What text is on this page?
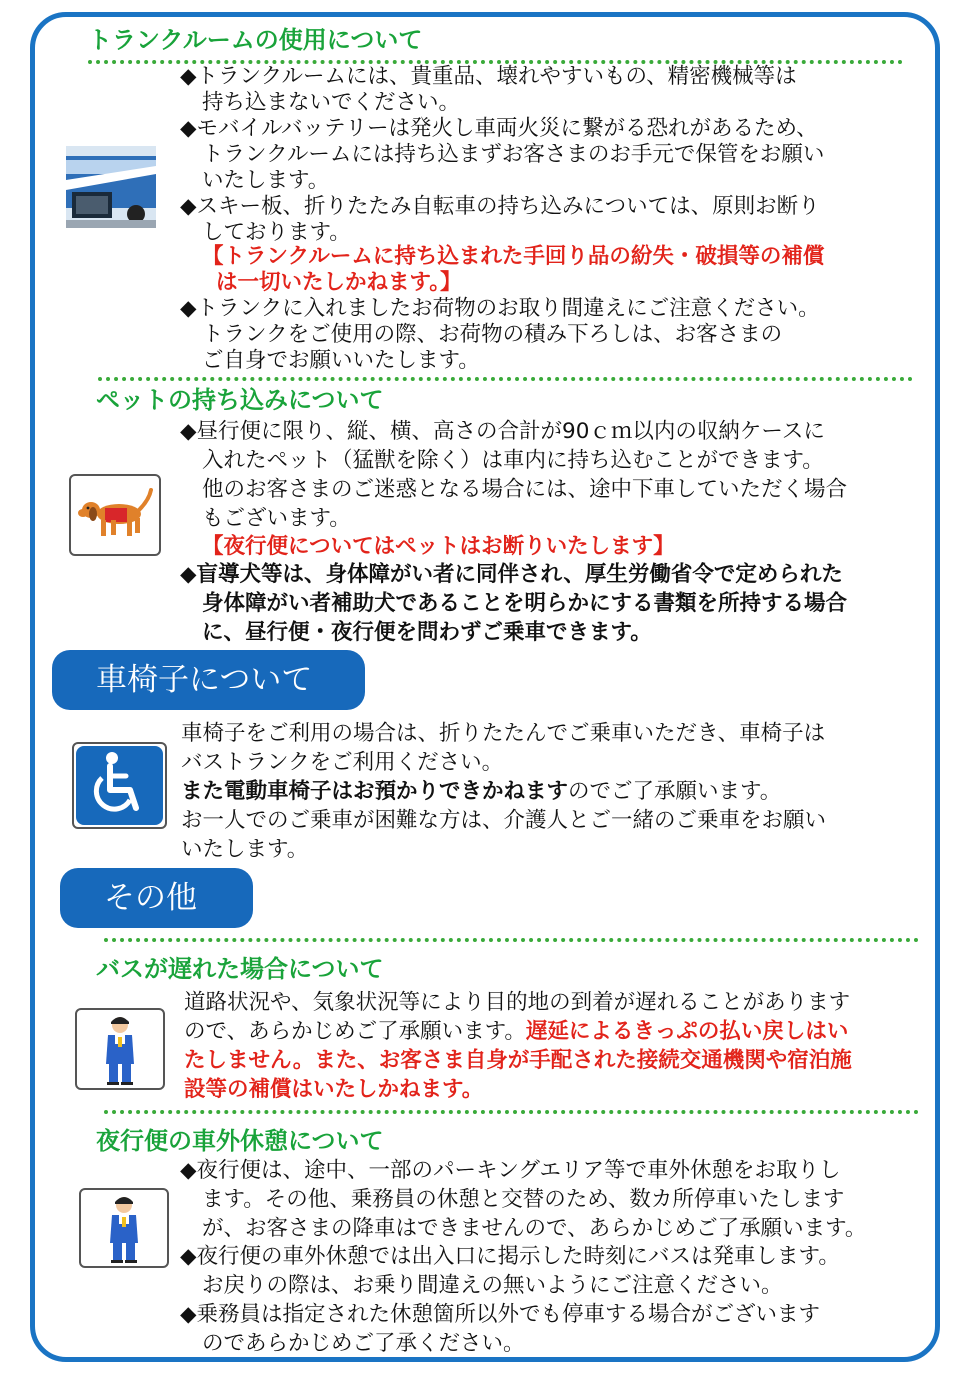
トランクルームの使用について
◆トランクルームには、貴重品、壊れやすいもの、精密機械等は
持ち込まないでください。
◆モバイルバッテリーは発火し車両火災に繋がる恐れがあるため、
トランクルームには持ち込まずお客さまのお手元で保管をお願い
いたします。
◆スキー板、折りたたみ自転車の持ち込みについては、原則お断り
しております。
【トランクルームに持ち込まれた手回り品の紛失・破損等の補償
は一切いたしかねます。】
◆トランクに入れましたお荷物のお取り間違えにご注意ください。
トランクをご使用の際、お荷物の積み下ろしは、お客さまの
ご自身でお願いいたします。
ペットの持ち込みについて
◆昼行便に限り、縦、横、高さの合計が90ｃｍ以内の収納ケースに
入れたペット（猛獣を除く）は車内に持ち込むことができます。
他のお客さまのご迷惑となる場合には、途中下車していただく場合
もございます。
【夜行便についてはペットはお断りいたします】
◆盲導犬等は、身体障がい者に同伴され、厚生労働省令で定められた
身体障がい者補助犬であることを明らかにする書類を所持する場合
に、昼行便・夜行便を問わずご乗車できます。
車椅子について
車椅子をご利用の場合は、折りたたんでご乗車いただき、車椅子は
バストランクをご利用ください。
また電動車椅子はお預かりできかねますのでご了承願います。
お一人でのご乗車が困難な方は、介護人とご一緒のご乗車をお願い
いたします。
その他
バスが遅れた場合について
道路状況や、気象状況等により目的地の到着が遅れることがあります
ので、あらかじめご了承願います。遅延によるきっぷの払い戻しはい
たしません。また、お客さま自身が手配された接続交通機関や宿泊施
設等の補償はいたしかねます。
夜行便の車外休憩について
◆夜行便は、途中、一部のパーキングエリア等で車外休憩をお取りし
ます。その他、乗務員の休憩と交替のため、数カ所停車いたします
が、お客さまの降車はできませんので、あらかじめご了承願います。
◆夜行便の車外休憩では出入口に掲示した時刻にバスは発車します。
お戻りの際は、お乗り間違えの無いようにご注意ください。
◆乗務員は指定された休憩箇所以外でも停車する場合がございます
のであらかじめご了承ください。
